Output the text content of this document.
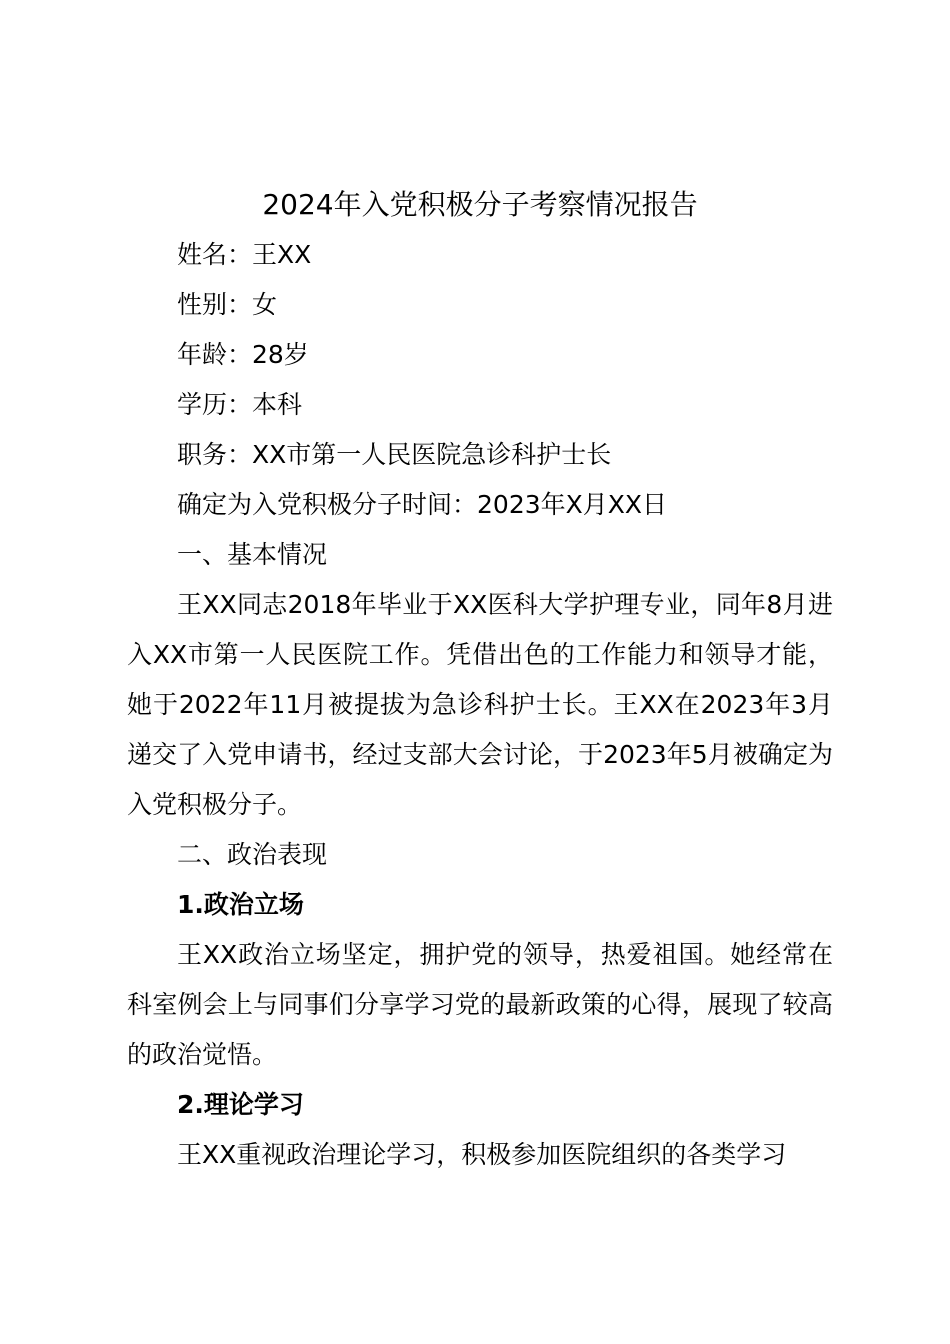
2024年入党积极分子考察情况报告

姓名：王XX

性别：女

年龄：28岁

学历：本科

职务：XX市第一人民医院急诊科护士长

确定为入党积极分子时间：2023年X月XX日

一、基本情况

王XX同志2018年毕业于XX医科大学护理专业，同年8月进入XX市第一人民医院工作。凭借出色的工作能力和领导才能，她于2022年11月被提拔为急诊科护士长。王XX在2023年3月递交了入党申请书，经过支部大会讨论，于2023年5月被确定为入党积极分子。

二、政治表现

1.政治立场

王XX政治立场坚定，拥护党的领导，热爱祖国。她经常在科室例会上与同事们分享学习党的最新政策的心得，展现了较高的政治觉悟。

2.理论学习

王XX重视政治理论学习，积极参加医院组织的各类学习
